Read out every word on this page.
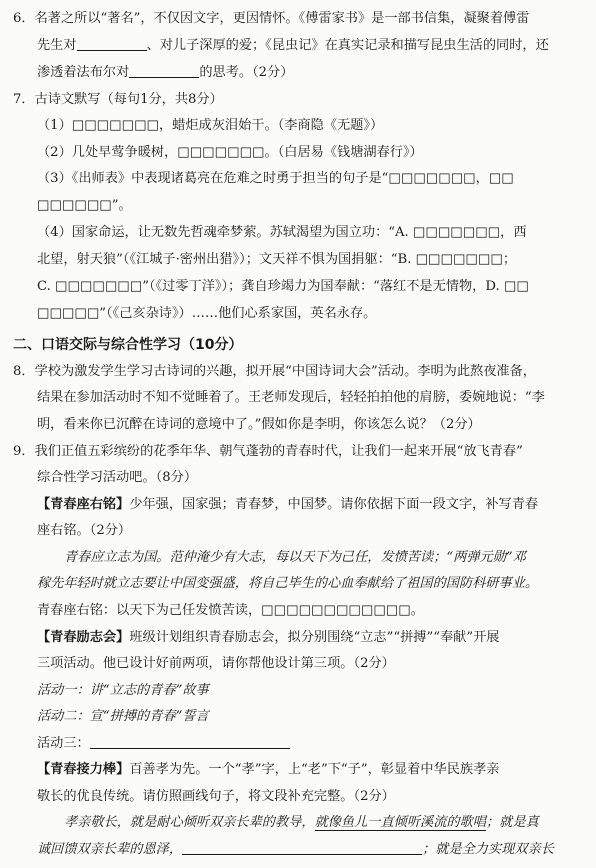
6．名著之所以“著名”，不仅因文字，更因情怀。《傅雷家书》是一部书信集，凝聚着傅雷
先生对	、对儿子深厚的爱；《昆虫记》在真实记录和描写昆虫生活的同时，还
渗透着法布尔对	的思考。（2分）
7．古诗文默写（每句1分，共8分）
（1）□□□□□□□，蜡炬成灰泪始干。（李商隐《无题》）
（2）几处早莺争暖树，□□□□□□□。（白居易《钱塘湖春行》）
（3）《出师表》中表现诸葛亮在危难之时勇于担当的句子是“□□□□□□□，□□
□□□□□□”。
（4）国家命运，让无数先哲魂牵梦萦。苏轼渴望为国立功：“A. □□□□□□□，西
北望，射天狼”（《江城子·密州出猎》）；文天祥不惧为国捐躯：“B. □□□□□□□；
C. □□□□□□□”（《过零丁洋》）；龚自珍竭力为国奉献：“落红不是无情物，D. □□
□□□□□”（《己亥杂诗》）……他们心系家国，英名永存。
二、口语交际与综合性学习（10分）
8．学校为激发学生学习古诗词的兴趣，拟开展“中国诗词大会”活动。李明为此熬夜准备，
结果在参加活动时不知不觉睡着了。王老师发现后，轻轻拍拍他的肩膀，委婉地说：“李
明，看来你已沉醉在诗词的意境中了。”假如你是李明，你该怎么说？（2分）
9．我们正值五彩缤纷的花季年华、朝气蓬勃的青春时代，让我们一起来开展“放飞青春”
综合性学习活动吧。（8分）
【青春座右铭】少年强，国家强；青春梦，中国梦。请你依据下面一段文字，补写青春
座右铭。（2分）
青春应立志为国。范仲淹少有大志，每以天下为己任，发愤苦读；“两弹元勋”邓
稼先年轻时就立志要让中国变强盛，将自己毕生的心血奉献给了祖国的国防科研事业。
青春座右铭：以天下为己任发愤苦读，□□□□□□□□□□□□。
【青春励志会】班级计划组织青春励志会，拟分别围绕“立志”“拼搏”“奉献”开展
三项活动。他已设计好前两项，请你帮他设计第三项。（2分）
活动一：讲“立志的青春”故事
活动二：宣“拼搏的青春”誓言
活动三：
【青春接力棒】百善孝为先。一个“孝”字，上“老”下“子”，彰显着中华民族孝亲
敬长的优良传统。请仿照画线句子，将文段补充完整。（2分）
孝亲敬长，就是耐心倾听双亲长辈的教导，就像鱼儿一直倾听溪流的歌唱；就是真
诚回馈双亲长辈的恩泽，	；就是全力实现双亲长
